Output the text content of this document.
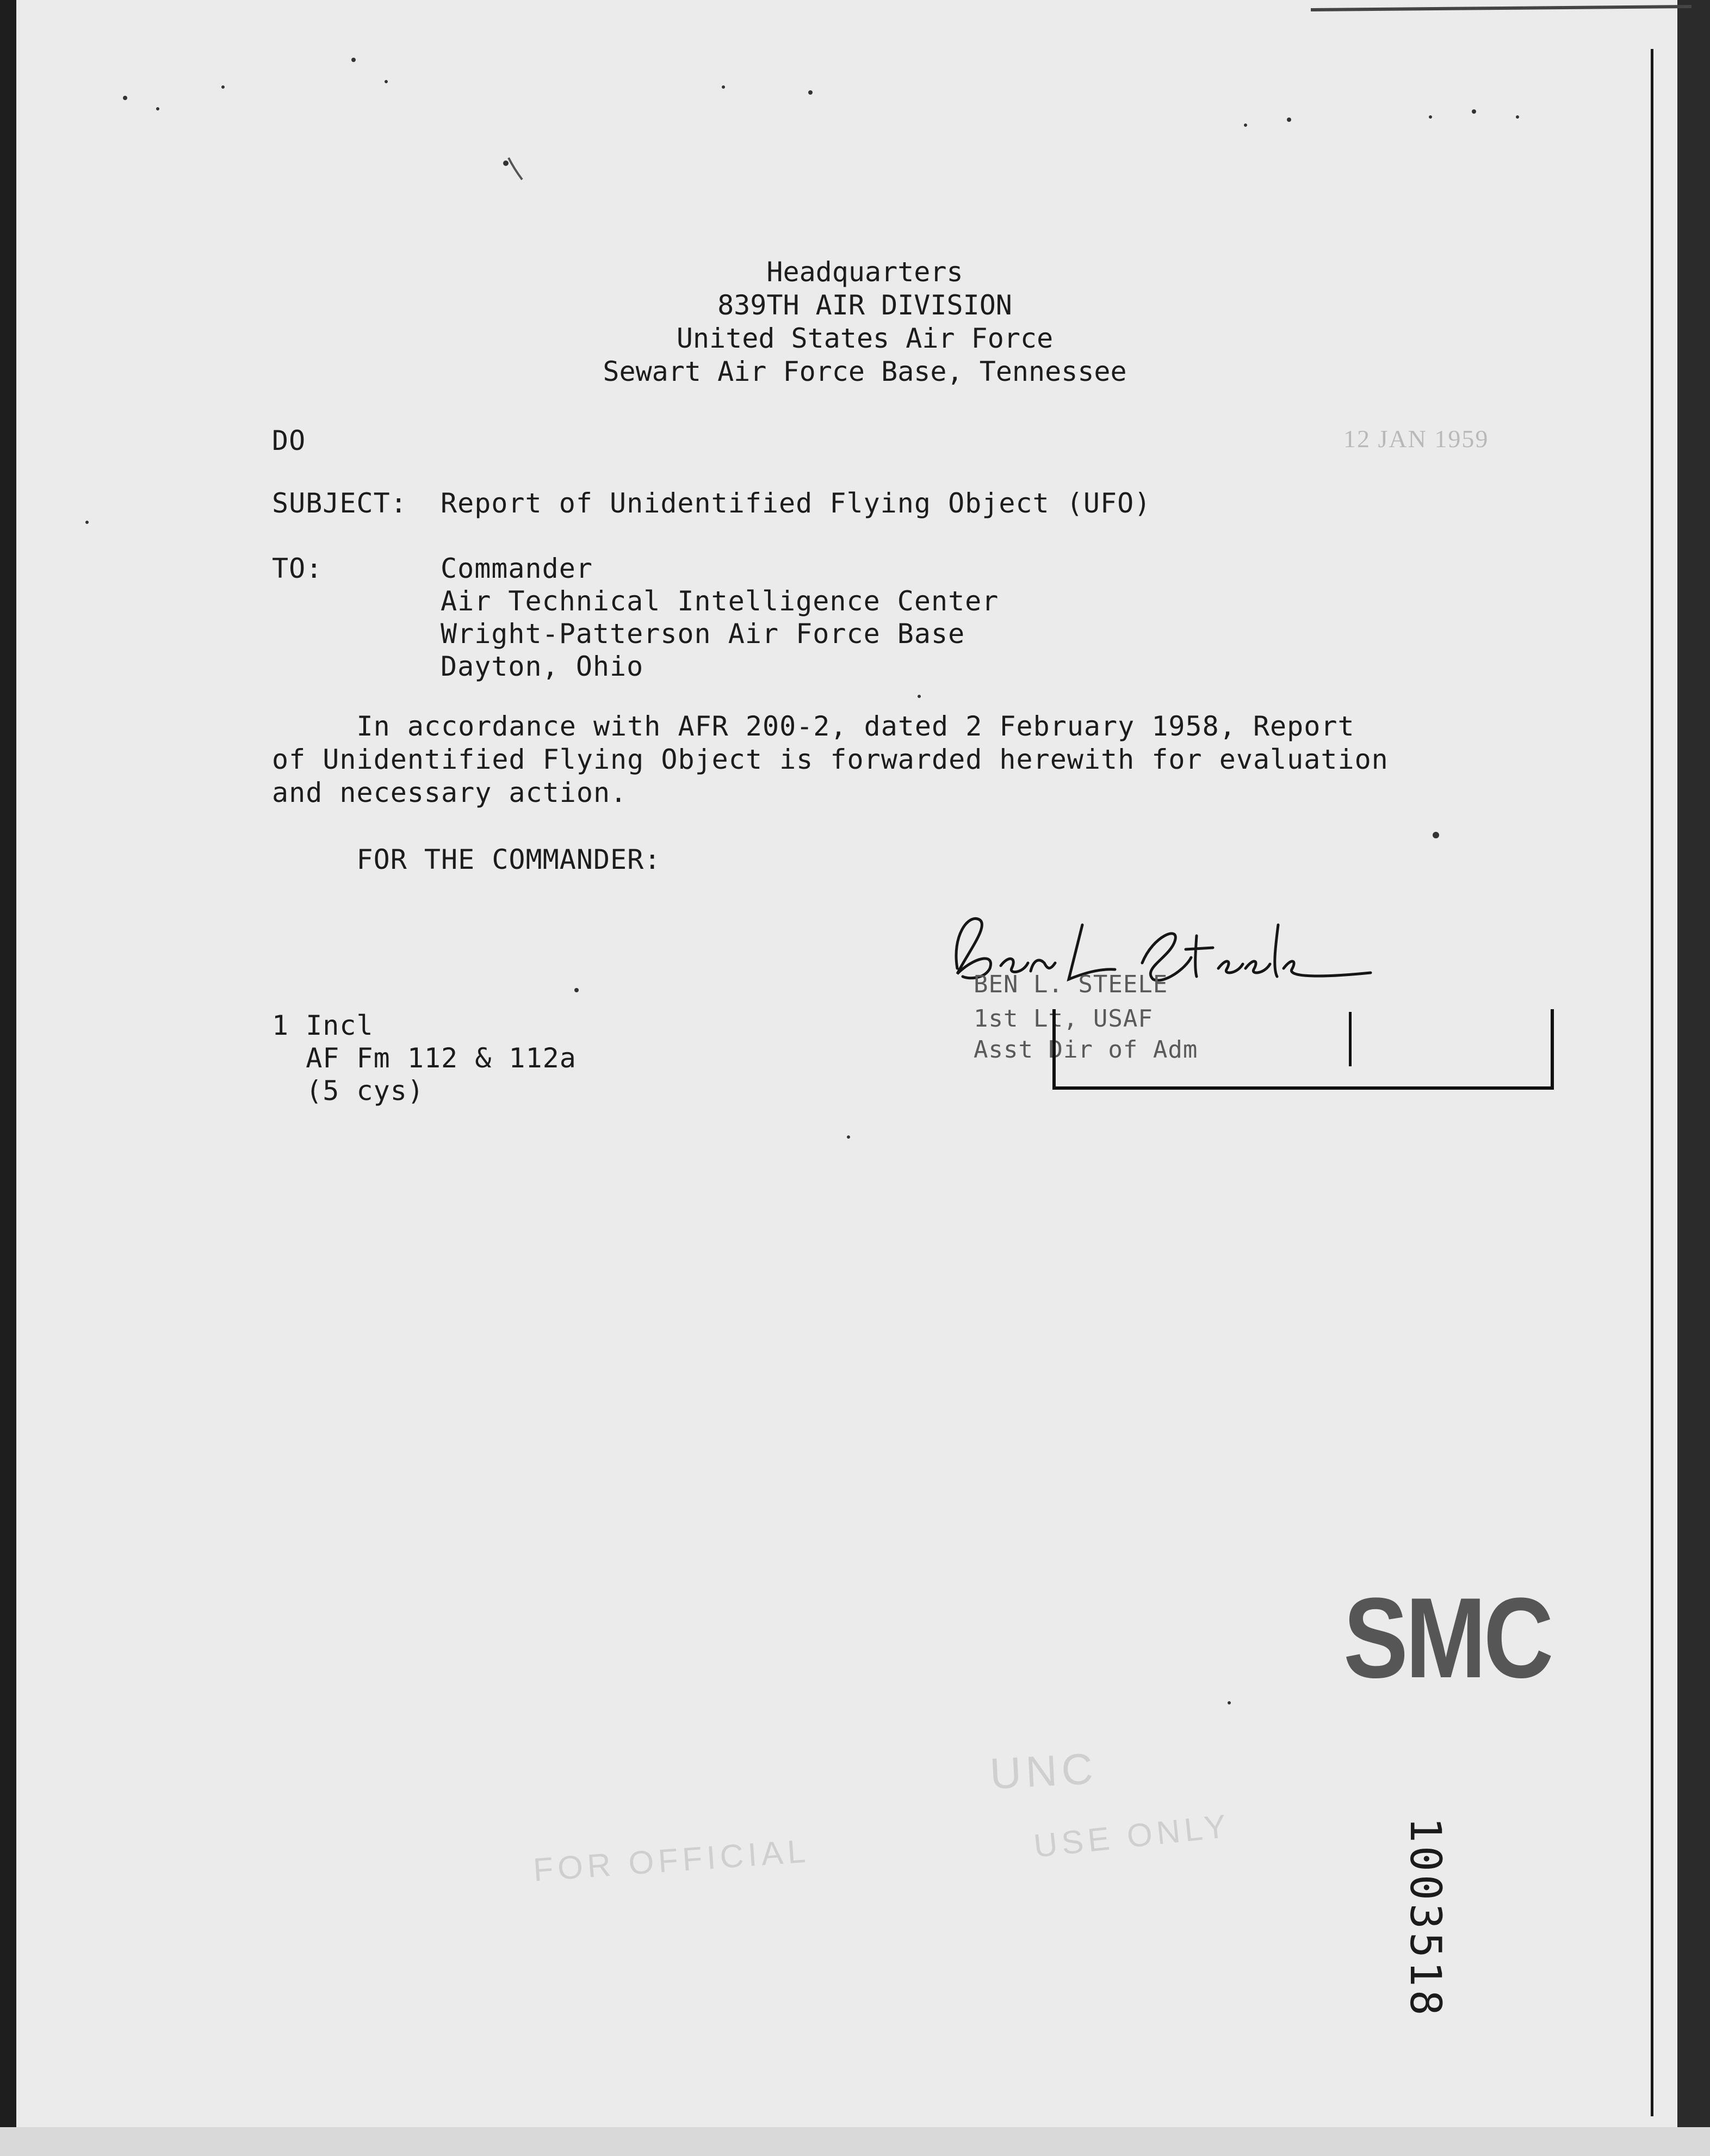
Headquarters
839TH AIR DIVISION
United States Air Force
Sewart Air Force Base, Tennessee
12 JAN 1959
DO
SUBJECT: Report of Unidentified Flying Object (UFO)
TO:	Commander
Air Technical Intelligence Center
Wright-Patterson Air Force Base
Dayton, Ohio
In accordance with AFR 200-2, dated 2 February 1958, Report
of Unidentified Flying Object is forwarded herewith for evaluation
and necessary action.
FOR THE COMMANDER:
Ben L Steele
BEN L. STEELE
1st Lt, USAF
Asst Dir of Adm
1 Incl
AF Fm 112 & 112a
(5 cys)
SMC
UNC
FOR OFFICIAL	USE ONLY	1003518
